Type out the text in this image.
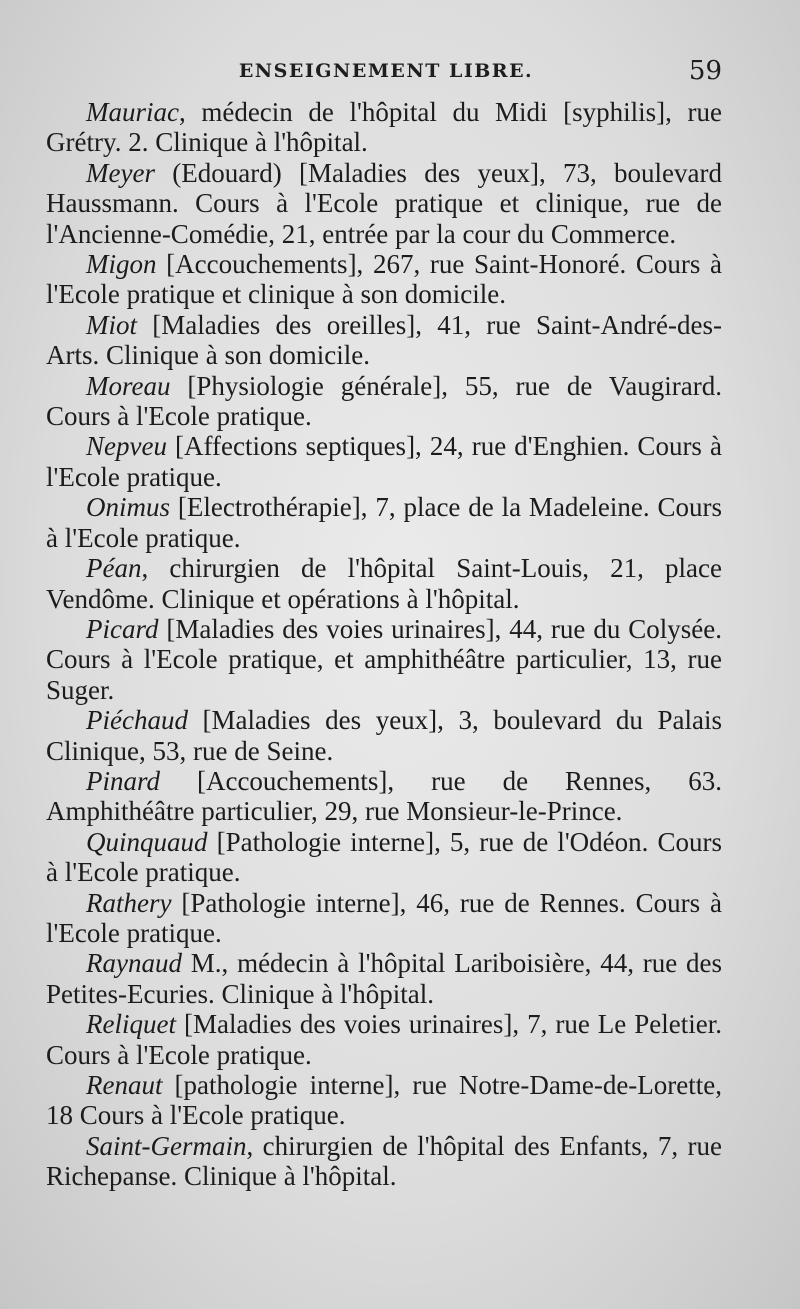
ENSEIGNEMENT LIBRE.	59

Mauriac, médecin de l'hôpital du Midi [syphilis], rue Grétry. 2. Clinique à l'hôpital.

Meyer (Edouard) [Maladies des yeux], 73, boulevard Haussmann. Cours à l'Ecole pratique et clinique, rue de l'Ancienne-Comédie, 21, entrée par la cour du Commerce.

Migon [Accouchements], 267, rue Saint-Honoré. Cours à l'Ecole pratique et clinique à son domicile.

Miot [Maladies des oreilles], 41, rue Saint-André-des-Arts. Clinique à son domicile.

Moreau [Physiologie générale], 55, rue de Vaugirard. Cours à l'Ecole pratique.

Nepveu [Affections septiques], 24, rue d'Enghien. Cours à l'Ecole pratique.

Onimus [Electrothérapie], 7, place de la Madeleine. Cours à l'Ecole pratique.

Péan, chirurgien de l'hôpital Saint-Louis, 21, place Vendôme. Clinique et opérations à l'hôpital.

Picard [Maladies des voies urinaires], 44, rue du Colysée. Cours à l'Ecole pratique, et amphithéâtre particulier, 13, rue Suger.

Piéchaud [Maladies des yeux], 3, boulevard du Palais Clinique, 53, rue de Seine.

Pinard [Accouchements], rue de Rennes, 63. Amphithéâtre particulier, 29, rue Monsieur-le-Prince.

Quinquaud [Pathologie interne], 5, rue de l'Odéon. Cours à l'Ecole pratique.

Rathery [Pathologie interne], 46, rue de Rennes. Cours à l'Ecole pratique.

Raynaud M., médecin à l'hôpital Lariboisière, 44, rue des Petites-Ecuries. Clinique à l'hôpital.

Reliquet [Maladies des voies urinaires], 7, rue Le Peletier. Cours à l'Ecole pratique.

Renaut [pathologie interne], rue Notre-Dame-de-Lorette, 18 Cours à l'Ecole pratique.

Saint-Germain, chirurgien de l'hôpital des Enfants, 7, rue Richepanse. Clinique à l'hôpital.
